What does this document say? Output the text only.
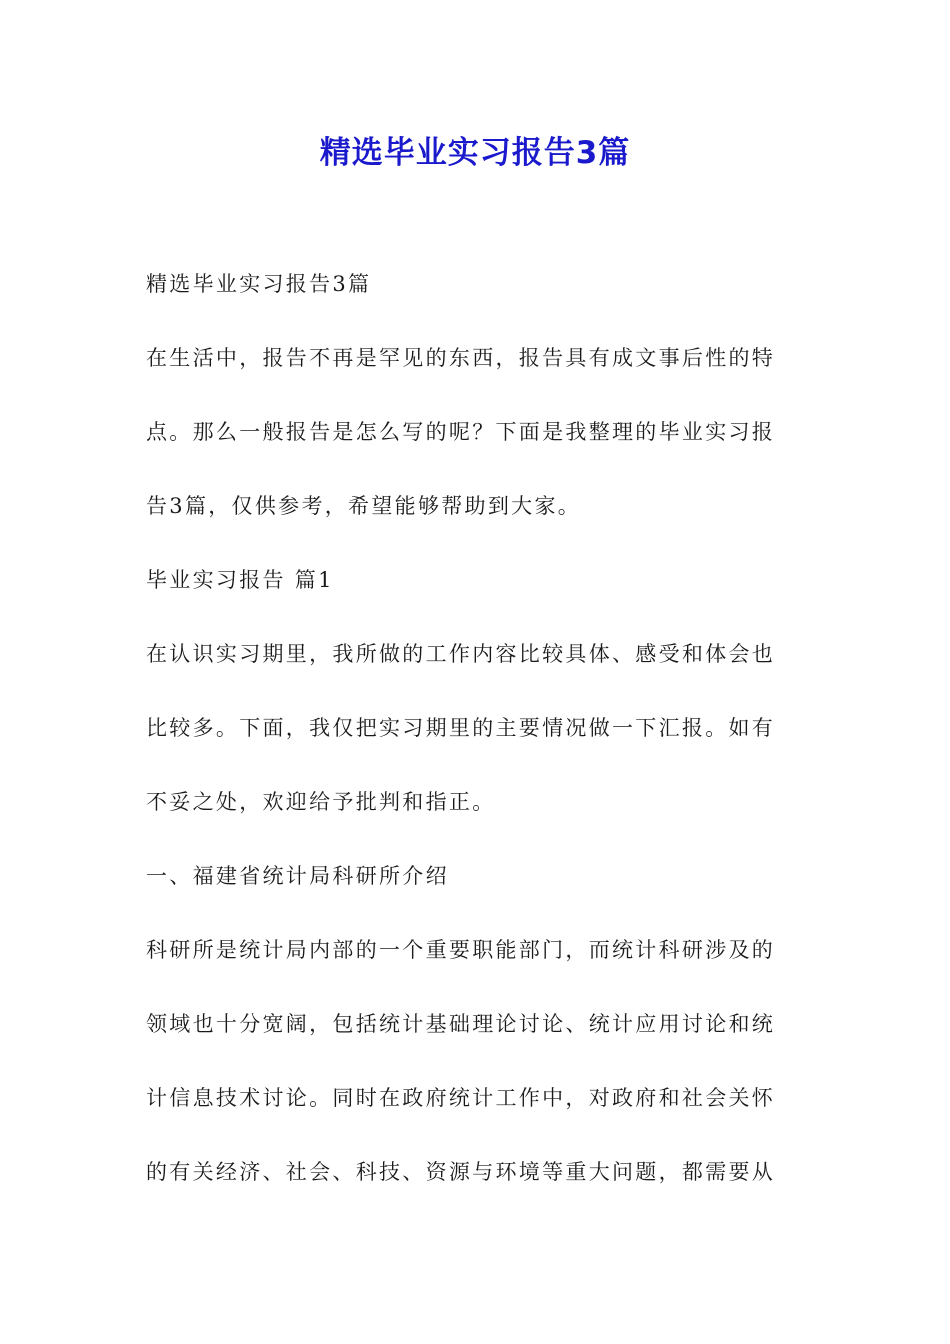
精选毕业实习报告3篇

精选毕业实习报告3篇

在生活中，报告不再是罕见的东西，报告具有成文事后性的特

点。那么一般报告是怎么写的呢？下面是我整理的毕业实习报

告3篇，仅供参考，希望能够帮助到大家。

毕业实习报告 篇1

在认识实习期里，我所做的工作内容比较具体、感受和体会也

比较多。下面，我仅把实习期里的主要情况做一下汇报。如有

不妥之处，欢迎给予批判和指正。

一、福建省统计局科研所介绍

科研所是统计局内部的一个重要职能部门，而统计科研涉及的

领域也十分宽阔，包括统计基础理论讨论、统计应用讨论和统

计信息技术讨论。同时在政府统计工作中，对政府和社会关怀

的有关经济、社会、科技、资源与环境等重大问题，都需要从
